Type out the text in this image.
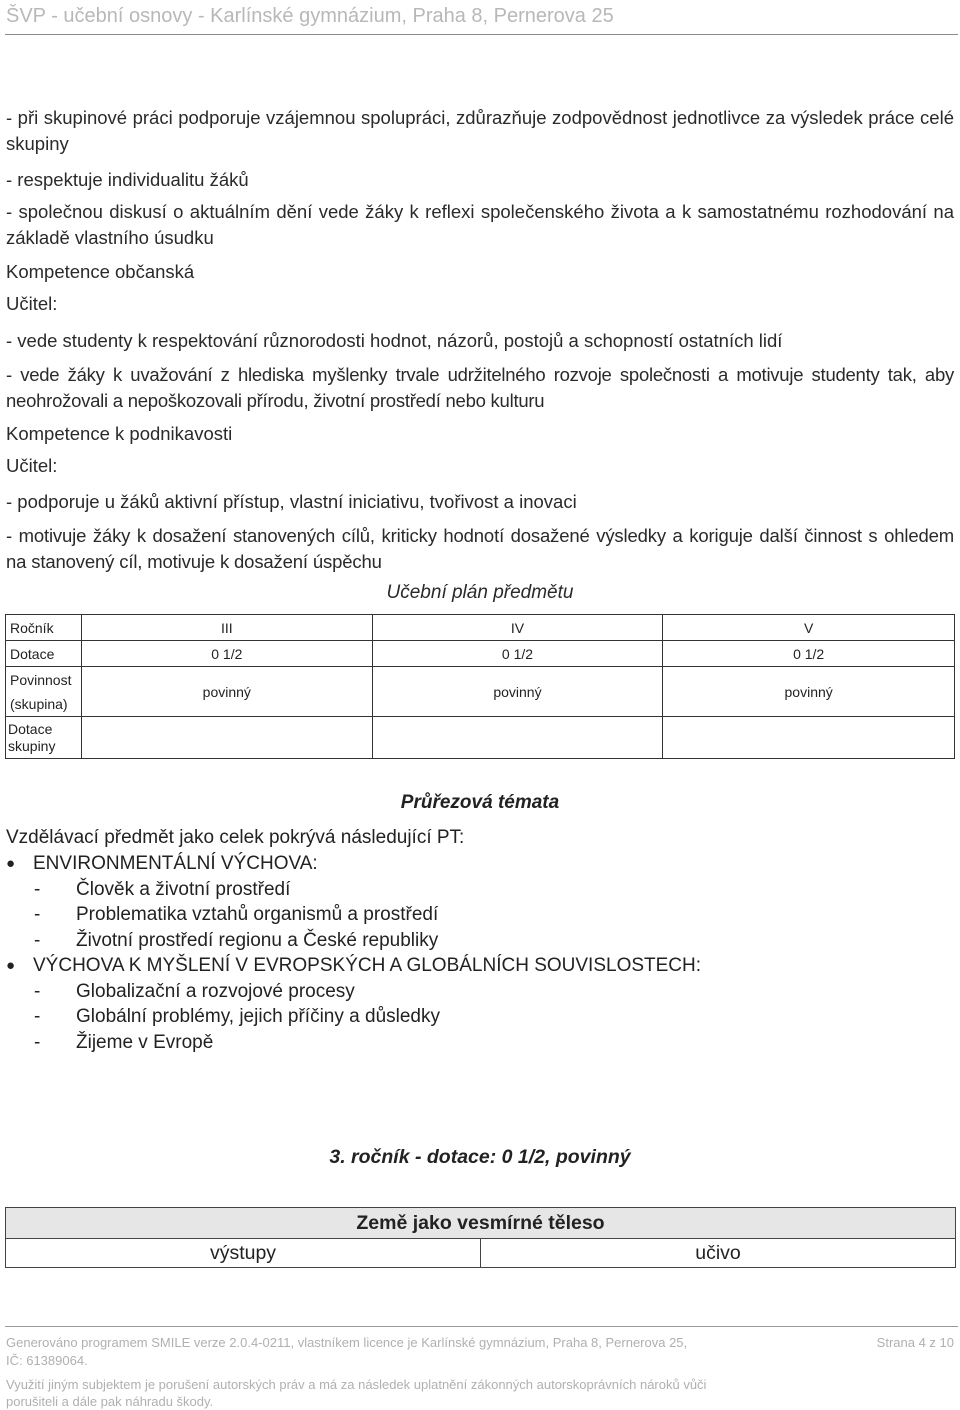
ŠVP - učební osnovy - Karlínské gymnázium, Praha 8, Pernerova 25
- při skupinové práci podporuje vzájemnou spolupráci, zdůrazňuje zodpovědnost jednotlivce za výsledek práce celé skupiny
- respektuje individualitu žáků
- společnou diskusí o aktuálním dění vede žáky k reflexi společenského života a k samostatnému rozhodování na základě vlastního úsudku
Kompetence občanská
Učitel:
- vede studenty k respektování různorodosti hodnot, názorů, postojů a schopností ostatních lidí
- vede žáky k uvažování z hlediska myšlenky trvale udržitelného rozvoje společnosti a motivuje studenty tak, aby neohrožovali a nepoškozovali přírodu, životní prostředí nebo kulturu
Kompetence k podnikavosti
Učitel:
- podporuje u žáků aktivní přístup, vlastní iniciativu, tvořivost a inovaci
- motivuje žáky k dosažení stanovených cílů, kriticky hodnotí dosažené výsledky a koriguje další činnost s ohledem na stanovený cíl, motivuje k dosažení úspěchu
Učební plán předmětu
Ročník	III	IV	V
Dotace	0 1/2	0 1/2	0 1/2
Povinnost (skupina)	povinný	povinný	povinný
Dotace skupiny			
Průřezová témata
Vzdělávací předmět jako celek pokrývá následující PT:
● ENVIRONMENTÁLNÍ VÝCHOVA:
- Člověk a životní prostředí
- Problematika vztahů organismů a prostředí
- Životní prostředí regionu a České republiky
● VÝCHOVA K MYŠLENÍ V EVROPSKÝCH A GLOBÁLNÍCH SOUVISLOSTECH:
- Globalizační a rozvojové procesy
- Globální problémy, jejich příčiny a důsledky
- Žijeme v Evropě
3. ročník - dotace: 0 1/2, povinný
Země jako vesmírné těleso
výstupy	učivo
Generováno programem SMILE verze 2.0.4-0211, vlastníkem licence je Karlínské gymnázium, Praha 8, Pernerova 25,
IČ: 61389064.
Strana 4 z 10
Využití jiným subjektem je porušení autorských práv a má za následek uplatnění zákonných autorskoprávních nároků vůči
porušiteli a dále pak náhradu škody.
